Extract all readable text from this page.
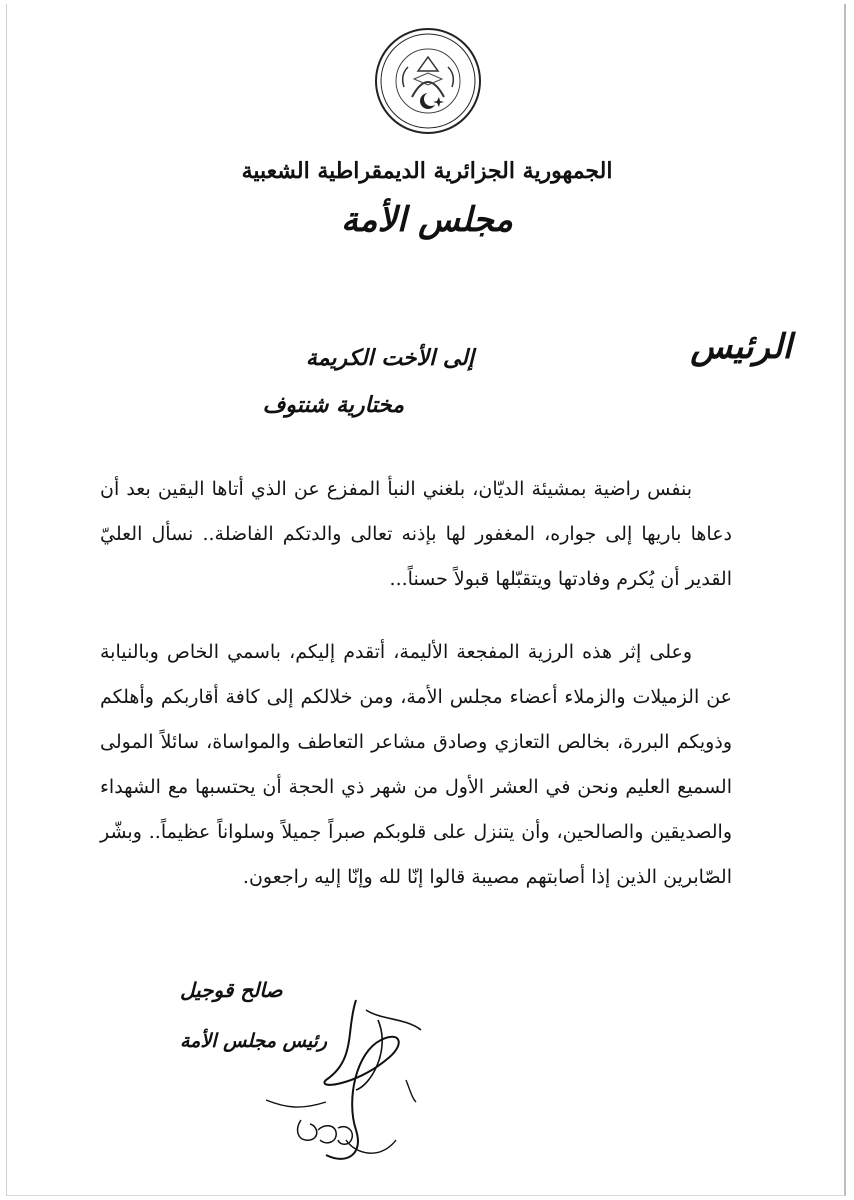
الجمهورية الجزائرية الديمقراطية الشعبية
مجلس الأمة
الرئيس
إلى الأخت الكريمة
مختارية شنتوف

بنفس راضية بمشيئة الديّان، بلغني النبأ المفزع عن الذي أتاها اليقين بعد أن دعاها باريها إلى جواره، المغفور لها بإذنه تعالى والدتكم الفاضلة.. نسأل العليّ القدير أن يُكرم وفادتها ويتقبّلها قبولاً حسناً...

وعلى إثر هذه الرزية المفجعة الأليمة، أتقدم إليكم، باسمي الخاص وبالنيابة عن الزميلات والزملاء أعضاء مجلس الأمة، ومن خلالكم إلى كافة أقاربكم وأهلكم وذويكم البررة، بخالص التعازي وصادق مشاعر التعاطف والمواساة، سائلاً المولى السميع العليم ونحن في العشر الأول من شهر ذي الحجة أن يحتسبها مع الشهداء والصديقين والصالحين، وأن يتنزل على قلوبكم صبراً جميلاً وسلواناً عظيماً.. وبشّر الصّابرين الذين إذا أصابتهم مصيبة قالوا إنّا لله وإنّا إليه راجعون.

صالح قوجيل
رئيس مجلس الأمة
